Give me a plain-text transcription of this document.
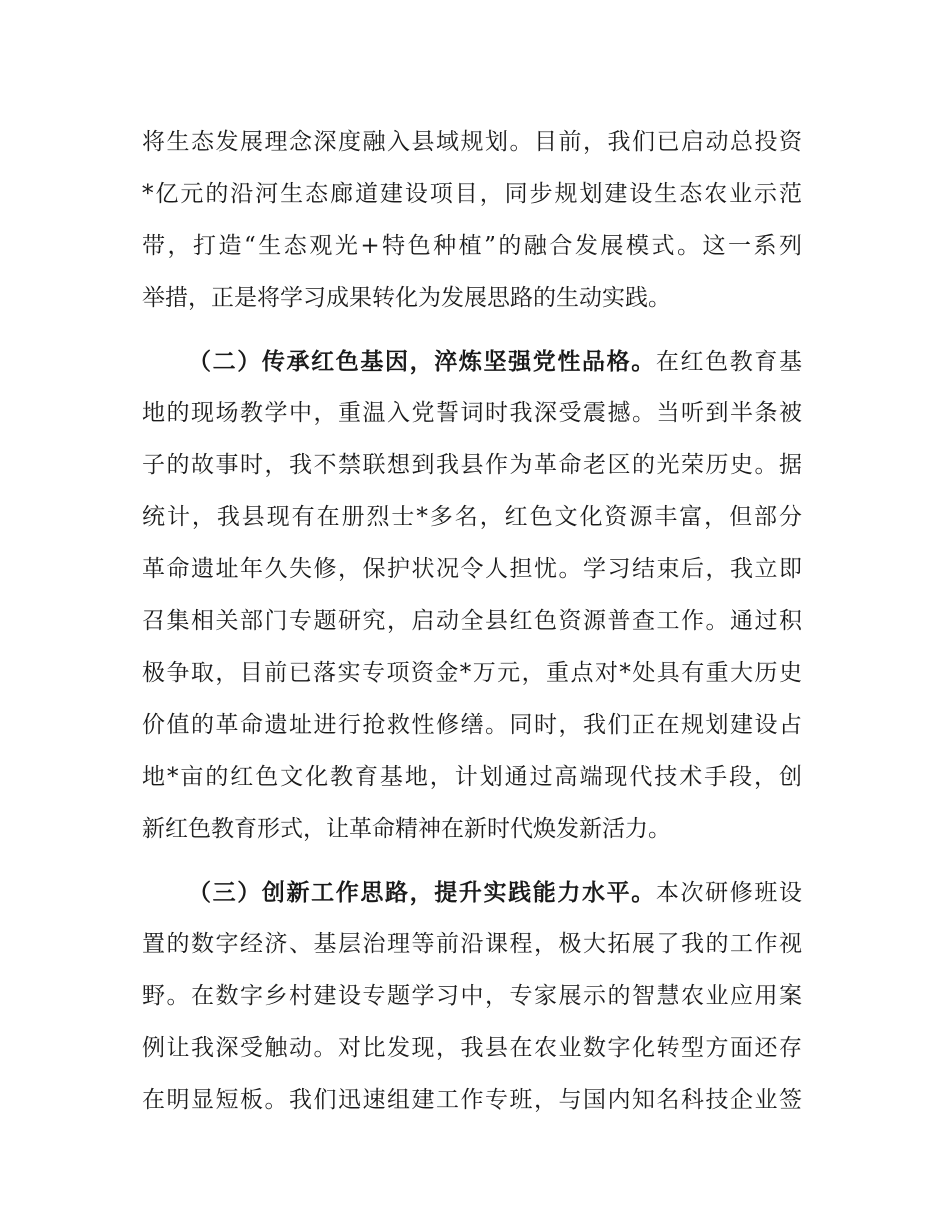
将生态发展理念深度融入县域规划。目前，我们已启动总投资
*亿元的沿河生态廊道建设项目，同步规划建设生态农业示范
带，打造“生态观光+特色种植”的融合发展模式。这一系列
举措，正是将学习成果转化为发展思路的生动实践。
（二）传承红色基因，淬炼坚强党性品格。在红色教育基
地的现场教学中，重温入党誓词时我深受震撼。当听到半条被
子的故事时，我不禁联想到我县作为革命老区的光荣历史。据
统计，我县现有在册烈士*多名，红色文化资源丰富，但部分
革命遗址年久失修，保护状况令人担忧。学习结束后，我立即
召集相关部门专题研究，启动全县红色资源普查工作。通过积
极争取，目前已落实专项资金*万元，重点对*处具有重大历史
价值的革命遗址进行抢救性修缮。同时，我们正在规划建设占
地*亩的红色文化教育基地，计划通过高端现代技术手段，创
新红色教育形式，让革命精神在新时代焕发新活力。
（三）创新工作思路，提升实践能力水平。本次研修班设
置的数字经济、基层治理等前沿课程，极大拓展了我的工作视
野。在数字乡村建设专题学习中，专家展示的智慧农业应用案
例让我深受触动。对比发现，我县在农业数字化转型方面还存
在明显短板。我们迅速组建工作专班，与国内知名科技企业签
